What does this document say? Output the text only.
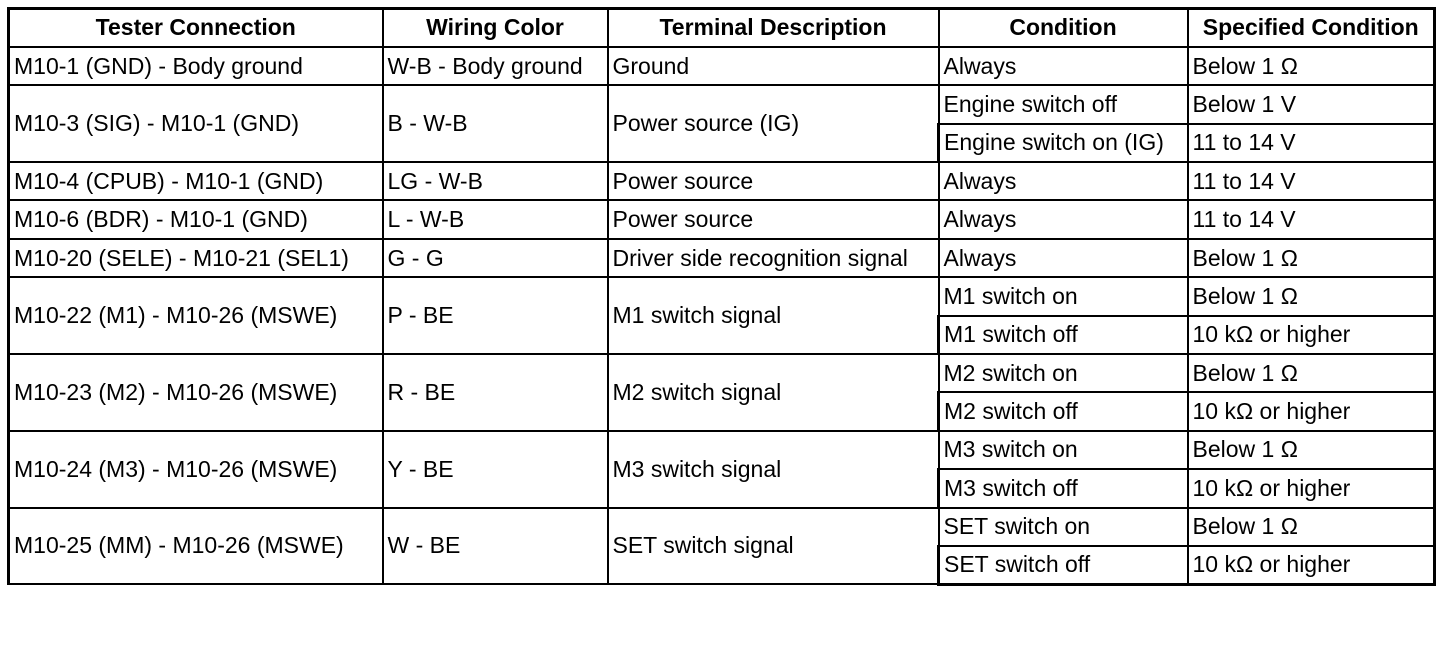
Tester Connection	Wiring Color	Terminal Description	Condition	Specified Condition
M10-1 (GND) - Body ground	W-B - Body ground	Ground	Always	Below 1 Ω
M10-3 (SIG) - M10-1 (GND)	B - W-B	Power source (IG)	Engine switch off	Below 1 V
			Engine switch on (IG)	11 to 14 V
M10-4 (CPUB) - M10-1 (GND)	LG - W-B	Power source	Always	11 to 14 V
M10-6 (BDR) - M10-1 (GND)	L - W-B	Power source	Always	11 to 14 V
M10-20 (SELE) - M10-21 (SEL1)	G - G	Driver side recognition signal	Always	Below 1 Ω
M10-22 (M1) - M10-26 (MSWE)	P - BE	M1 switch signal	M1 switch on	Below 1 Ω
			M1 switch off	10 kΩ or higher
M10-23 (M2) - M10-26 (MSWE)	R - BE	M2 switch signal	M2 switch on	Below 1 Ω
			M2 switch off	10 kΩ or higher
M10-24 (M3) - M10-26 (MSWE)	Y - BE	M3 switch signal	M3 switch on	Below 1 Ω
			M3 switch off	10 kΩ or higher
M10-25 (MM) - M10-26 (MSWE)	W - BE	SET switch signal	SET switch on	Below 1 Ω
			SET switch off	10 kΩ or higher
